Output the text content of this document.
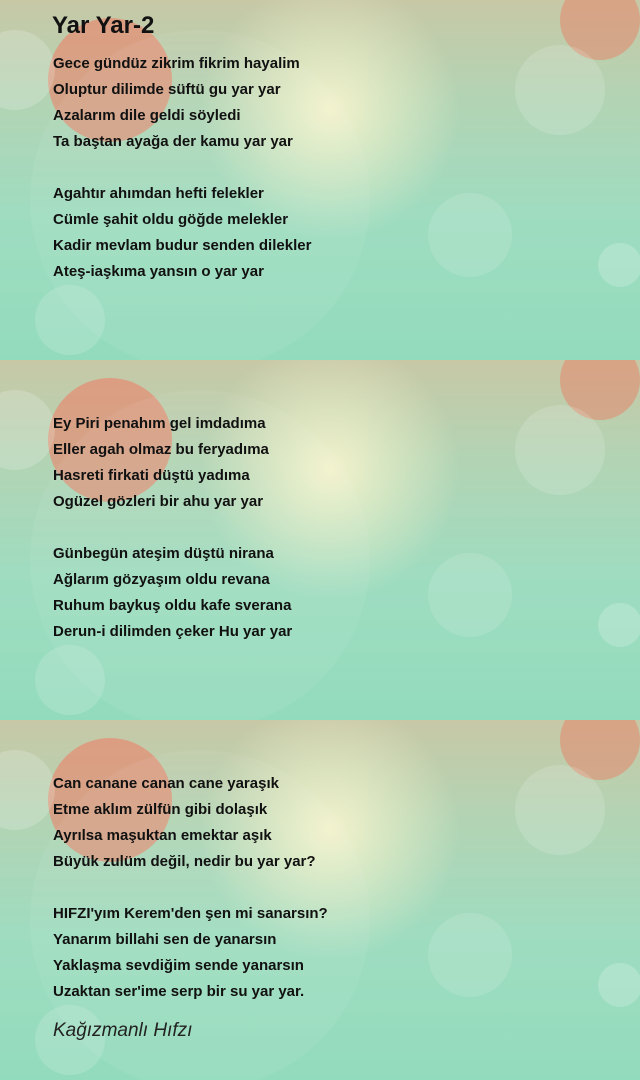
Yar Yar-2
Gece gündüz zikrim fikrim hayalim
Oluptur dilimde süftü gu yar yar
Azalarım dile geldi söyledi
Ta baştan ayağa der kamu yar yar
Agahtır ahımdan hefti felekler
Cümle şahit oldu göğde melekler
Kadir mevlam budur senden dilekler
Ateş-iaşkıma yansın o yar yar
Ey Piri penahım gel imdadıma
Eller agah olmaz bu feryadıma
Hasreti firkati düştü yadıma
Ogüzel gözleri bir ahu yar yar
Günbegün ateşim düştü nirana
Ağlarım gözyaşım oldu revana
Ruhum baykuş oldu kafe sverana
Derun-i dilimden çeker Hu yar yar
Can canane canan cane yaraşık
Etme aklım zülfün gibi dolaşık
Ayrılsa maşuktan emektar aşık
Büyük zulüm değil, nedir bu yar yar?
HIFZI'yım Kerem'den şen mi sanarsın?
Yanarım billahi sen de yanarsın
Yaklaşma sevdiğim sende yanarsın
Uzaktan ser'ime serp bir su yar yar.

Kağızmanlı Hıfzı
